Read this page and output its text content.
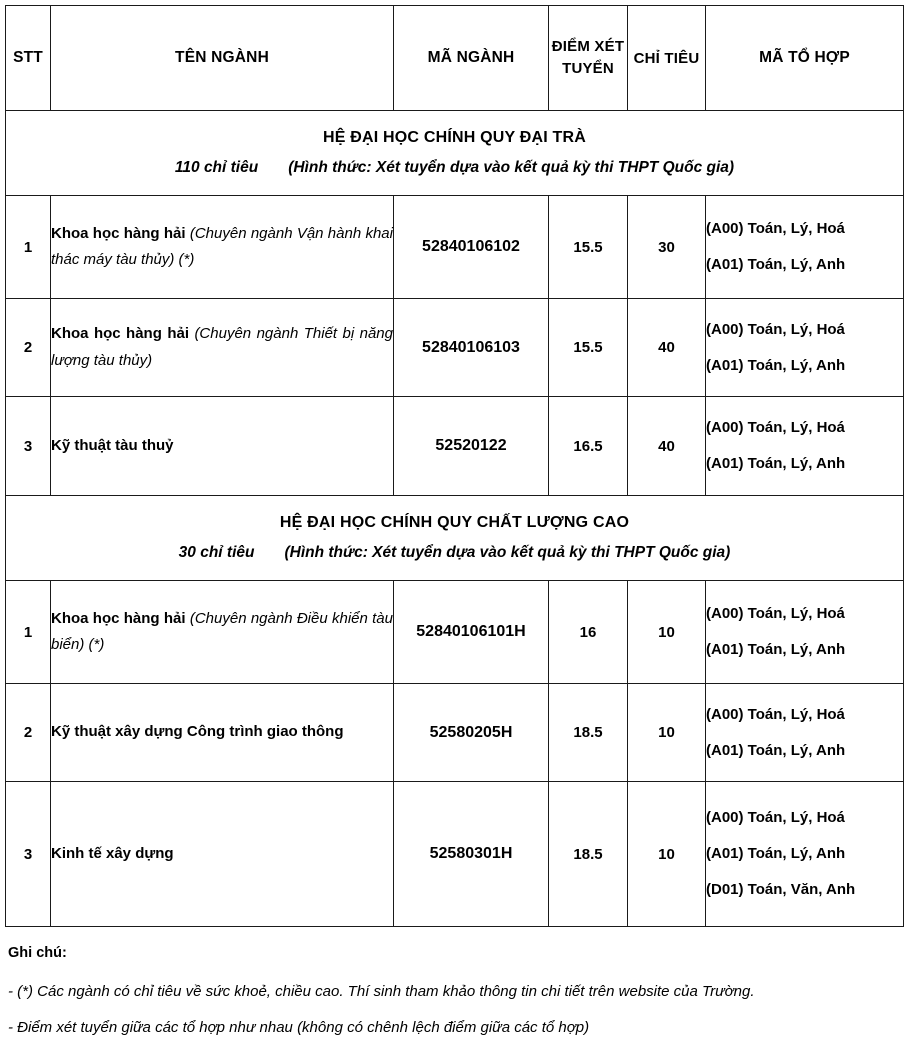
STT	TÊN NGÀNH	MÃ NGÀNH	ĐIỂM XÉT TUYỂN	CHỈ TIÊU	MÃ TỔ HỢP

HỆ ĐẠI HỌC CHÍNH QUY ĐẠI TRÀ
110 chỉ tiêu (Hình thức: Xét tuyển dựa vào kết quả kỳ thi THPT Quốc gia)					

1	Khoa học hàng hải (Chuyên ngành Vận hành khai thác máy tàu thủy) (*)	52840106102	15.5	30	(A00) Toán, Lý, Hoá
(A01) Toán, Lý, Anh

2	Khoa học hàng hải (Chuyên ngành Thiết bị năng lượng tàu thủy)	52840106103	15.5	40	(A00) Toán, Lý, Hoá
(A01) Toán, Lý, Anh

3	Kỹ thuật tàu thuỷ	52520122	16.5	40	(A00) Toán, Lý, Hoá
(A01) Toán, Lý, Anh

HỆ ĐẠI HỌC CHÍNH QUY CHẤT LƯỢNG CAO
30 chỉ tiêu (Hình thức: Xét tuyển dựa vào kết quả kỳ thi THPT Quốc gia)					

1	Khoa học hàng hải (Chuyên ngành Điều khiển tàu biển) (*)	52840106101H	16	10	(A00) Toán, Lý, Hoá
(A01) Toán, Lý, Anh

2	Kỹ thuật xây dựng Công trình giao thông	52580205H	18.5	10	(A00) Toán, Lý, Hoá
(A01) Toán, Lý, Anh

3	Kinh tế xây dựng	52580301H	18.5	10	(A00) Toán, Lý, Hoá
(A01) Toán, Lý, Anh
(D01) Toán, Văn, Anh
Ghi chú:
- (*) Các ngành có chỉ tiêu về sức khoẻ, chiều cao. Thí sinh tham khảo thông tin chi tiết trên website của Trường.
- Điểm xét tuyển giữa các tổ hợp như nhau (không có chênh lệch điểm giữa các tổ hợp)
